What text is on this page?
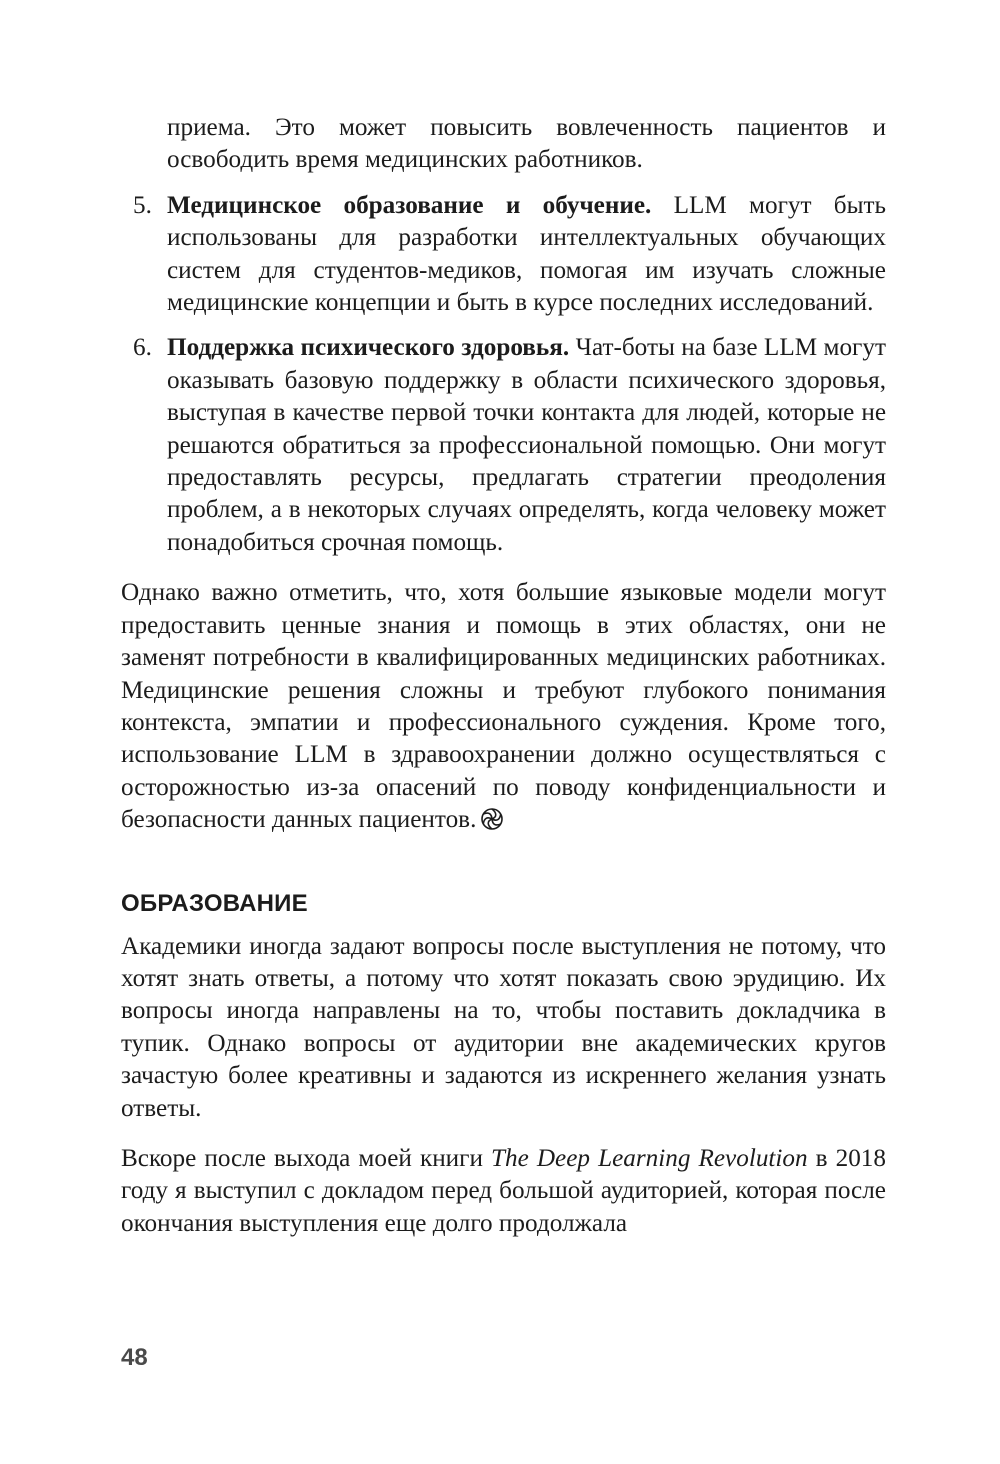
приема. Это может повысить вовлеченность пациентов и освободить время медицинских работников.

5. Медицинское образование и обучение. LLM могут быть использованы для разработки интеллектуальных обучающих систем для студентов-медиков, помогая им изучать сложные медицинские концепции и быть в курсе последних исследований.
6. Поддержка психического здоровья. Чат-боты на базе LLM могут оказывать базовую поддержку в области психического здоровья, выступая в качестве первой точки контакта для людей, которые не решаются обратиться за профессиональной помощью. Они могут предоставлять ресурсы, предлагать стратегии преодоления проблем, а в некоторых случаях определять, когда человеку может понадобиться срочная помощь.

Однако важно отметить, что, хотя большие языковые модели могут предоставить ценные знания и помощь в этих областях, они не заменят потребности в квалифицированных медицинских работниках. Медицинские решения сложны и требуют глубокого понимания контекста, эмпатии и профессионального суждения. Кроме того, использование LLM в здравоохранении должно осуществляться с осторожностью из-за опасений по поводу конфиденциальности и безопасности данных пациентов.

ОБРАЗОВАНИЕ

Академики иногда задают вопросы после выступления не потому, что хотят знать ответы, а потому что хотят показать свою эрудицию. Их вопросы иногда направлены на то, чтобы поставить докладчика в тупик. Однако вопросы от аудитории вне академических кругов зачастую более креативны и задаются из искреннего желания узнать ответы.

Вскоре после выхода моей книги The Deep Learning Revolution в 2018 году я выступил с докладом перед большой аудиторией, которая после окончания выступления еще долго продолжала

48
